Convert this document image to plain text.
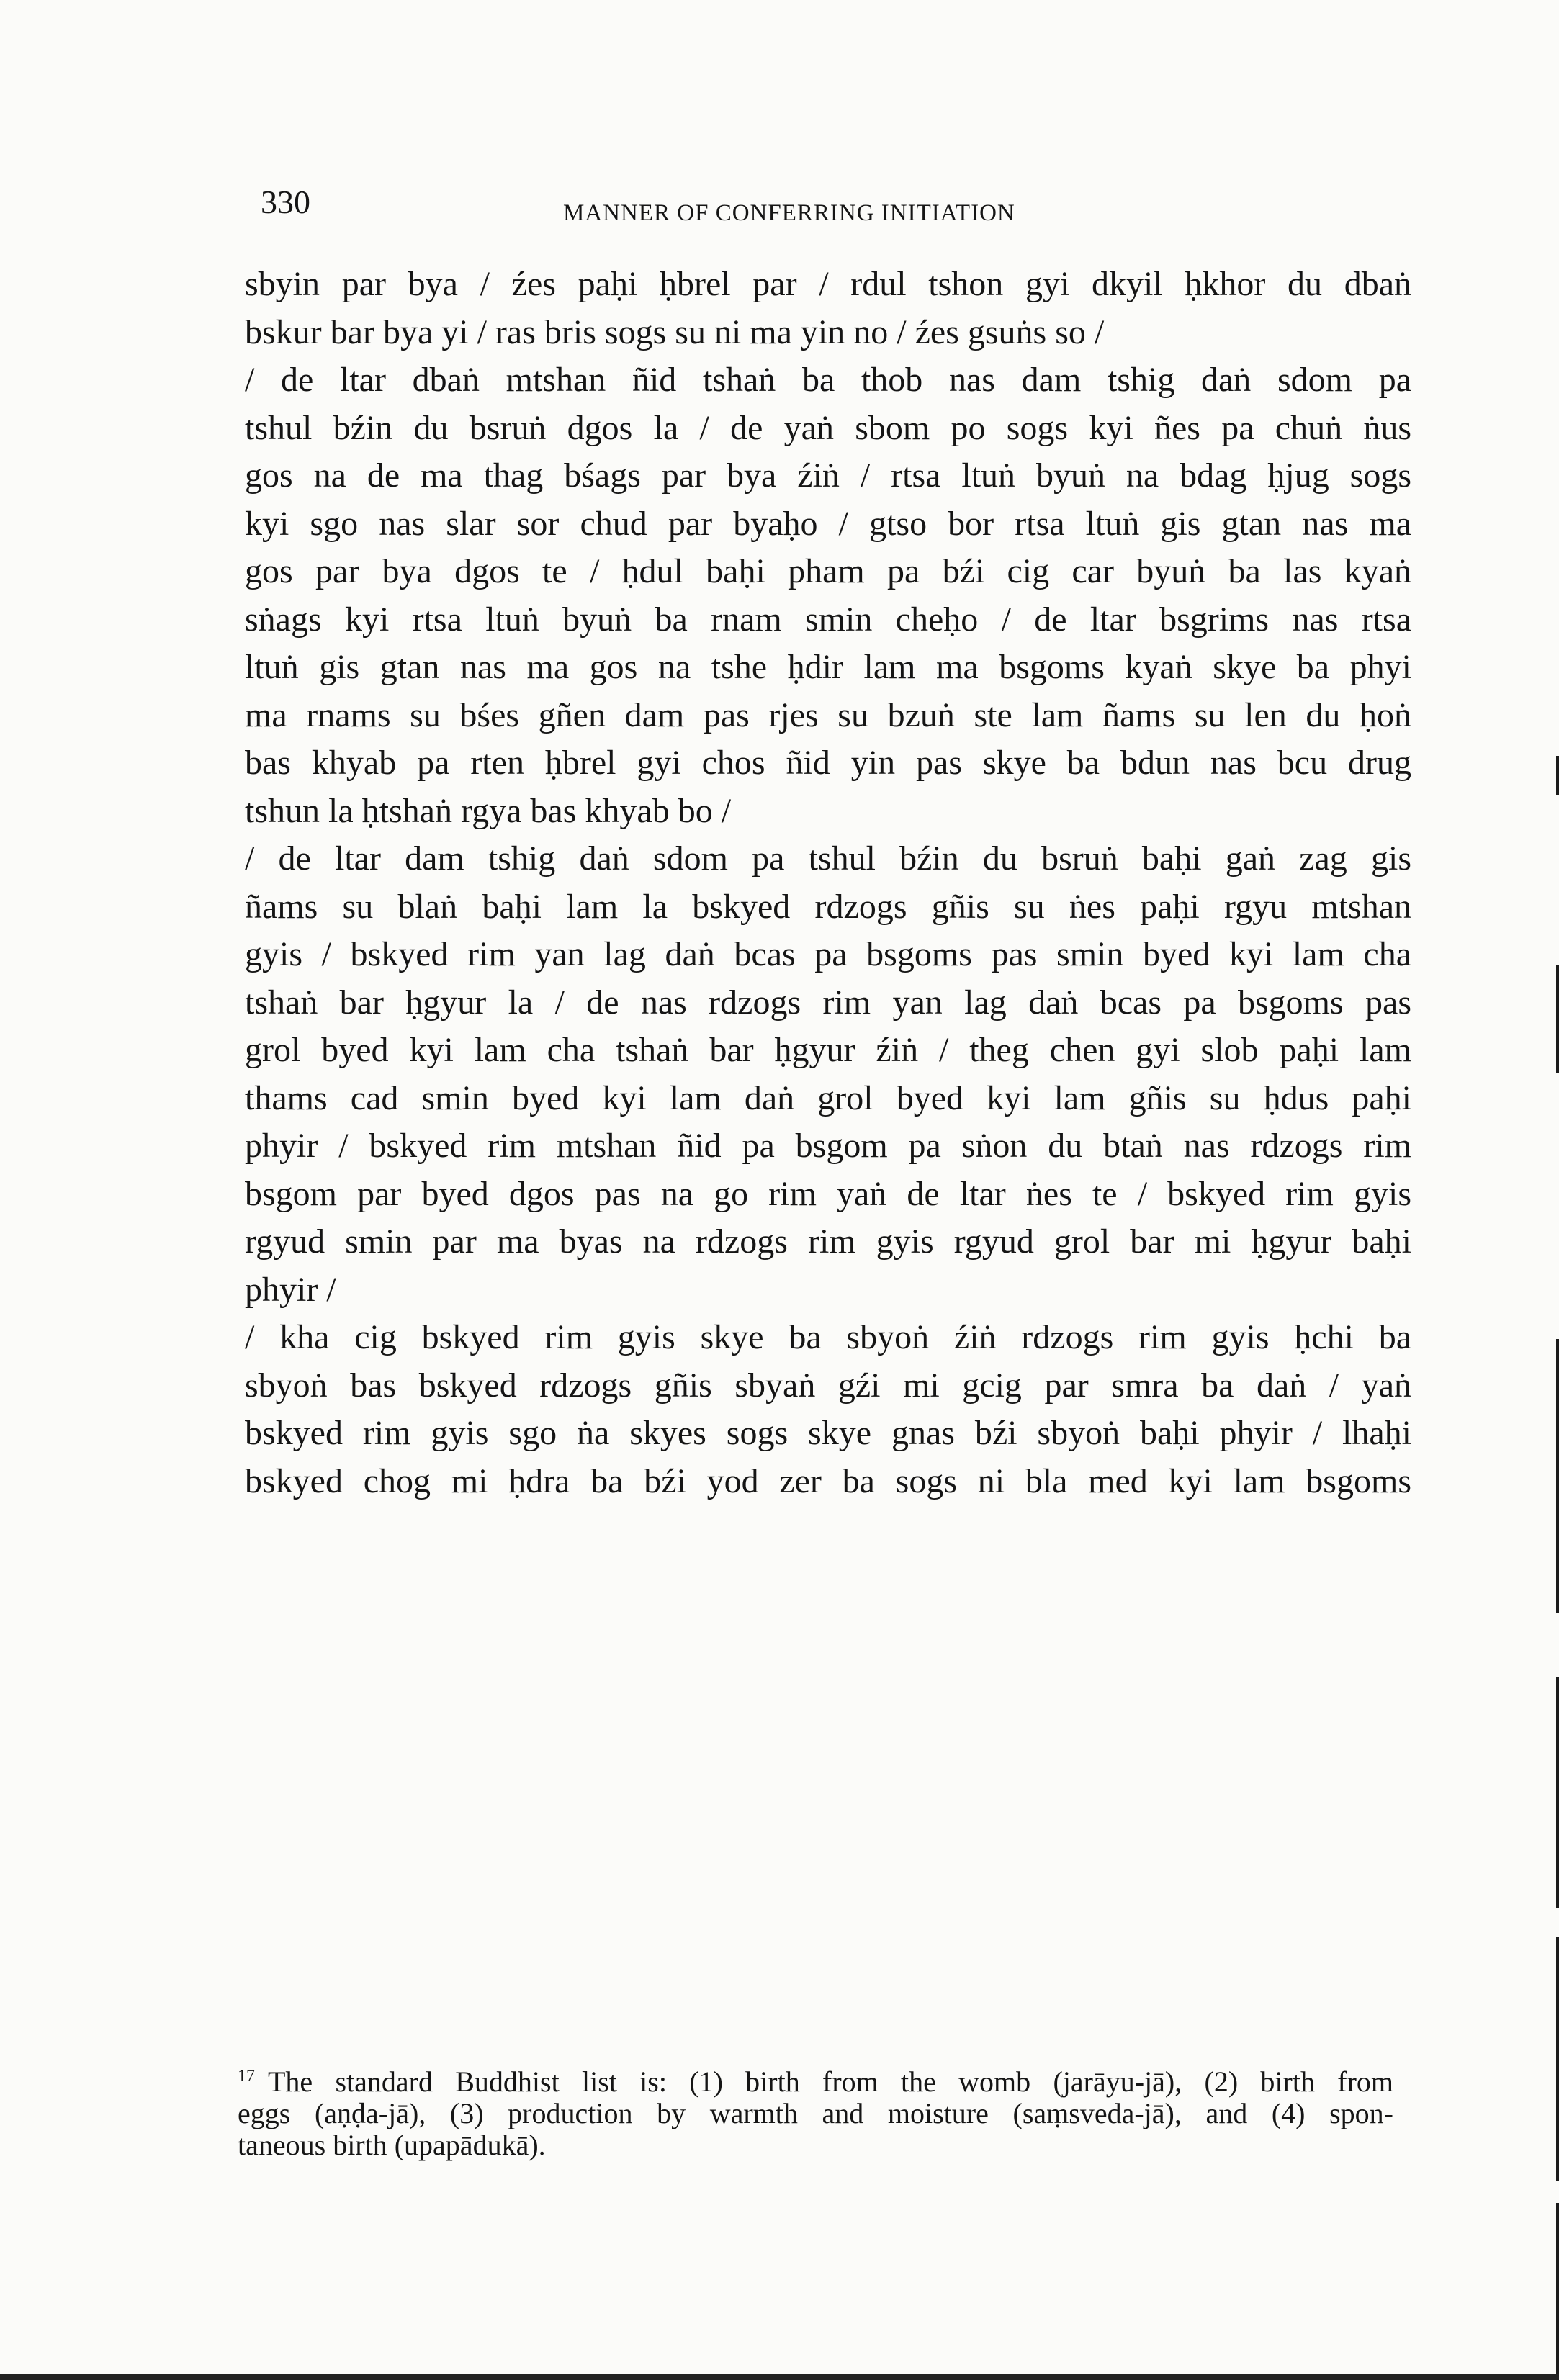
330	MANNER OF CONFERRING INITIATION
sbyin par bya / źes paḥi ḥbrel par / rdul tshon gyi dkyil ḥkhor du dbaṅ
bskur bar bya yi / ras bris sogs su ni ma yin no / źes gsuṅs so /
/ de ltar dbaṅ mtshan ñid tshaṅ ba thob nas dam tshig daṅ sdom pa
tshul bźin du bsruṅ dgos la / de yaṅ sbom po sogs kyi ñes pa chuṅ ṅus
gos na de ma thag bśags par bya źiṅ / rtsa ltuṅ byuṅ na bdag ḥjug sogs
kyi sgo nas slar sor chud par byaḥo / gtso bor rtsa ltuṅ gis gtan nas ma
gos par bya dgos te / ḥdul baḥi pham pa bźi cig car byuṅ ba las kyaṅ
sṅags kyi rtsa ltuṅ byuṅ ba rnam smin cheḥo / de ltar bsgrims nas rtsa
ltuṅ gis gtan nas ma gos na tshe ḥdir lam ma bsgoms kyaṅ skye ba phyi
ma rnams su bśes gñen dam pas rjes su bzuṅ ste lam ñams su len du ḥoṅ
bas khyab pa rten ḥbrel gyi chos ñid yin pas skye ba bdun nas bcu drug
tshun la ḥtshaṅ rgya bas khyab bo /
/ de ltar dam tshig daṅ sdom pa tshul bźin du bsruṅ baḥi gaṅ zag gis
ñams su blaṅ baḥi lam la bskyed rdzogs gñis su ṅes paḥi rgyu mtshan
gyis / bskyed rim yan lag daṅ bcas pa bsgoms pas smin byed kyi lam cha
tshaṅ bar ḥgyur la / de nas rdzogs rim yan lag daṅ bcas pa bsgoms pas
grol byed kyi lam cha tshaṅ bar ḥgyur źiṅ / theg chen gyi slob paḥi lam
thams cad smin byed kyi lam daṅ grol byed kyi lam gñis su ḥdus paḥi
phyir / bskyed rim mtshan ñid pa bsgom pa sṅon du btaṅ nas rdzogs rim
bsgom par byed dgos pas na go rim yaṅ de ltar ṅes te / bskyed rim gyis
rgyud smin par ma byas na rdzogs rim gyis rgyud grol bar mi ḥgyur baḥi
phyir /
/ kha cig bskyed rim gyis skye ba sbyoṅ źiṅ rdzogs rim gyis ḥchi ba
sbyoṅ bas bskyed rdzogs gñis sbyaṅ gźi mi gcig par smra ba daṅ / yaṅ
bskyed rim gyis sgo ṅa skyes sogs skye gnas bźi sbyoṅ baḥi phyir / lhaḥi
bskyed chog mi ḥdra ba bźi yod zer ba sogs ni bla med kyi lam bsgoms
$^{17}$ The standard Buddhist list is: (1) birth from the womb (jarāyu-jā), (2) birth from
eggs (aṇḍa-jā), (3) production by warmth and moisture (saṃsveda-jā), and (4) spon-
taneous birth (upapādukā).
